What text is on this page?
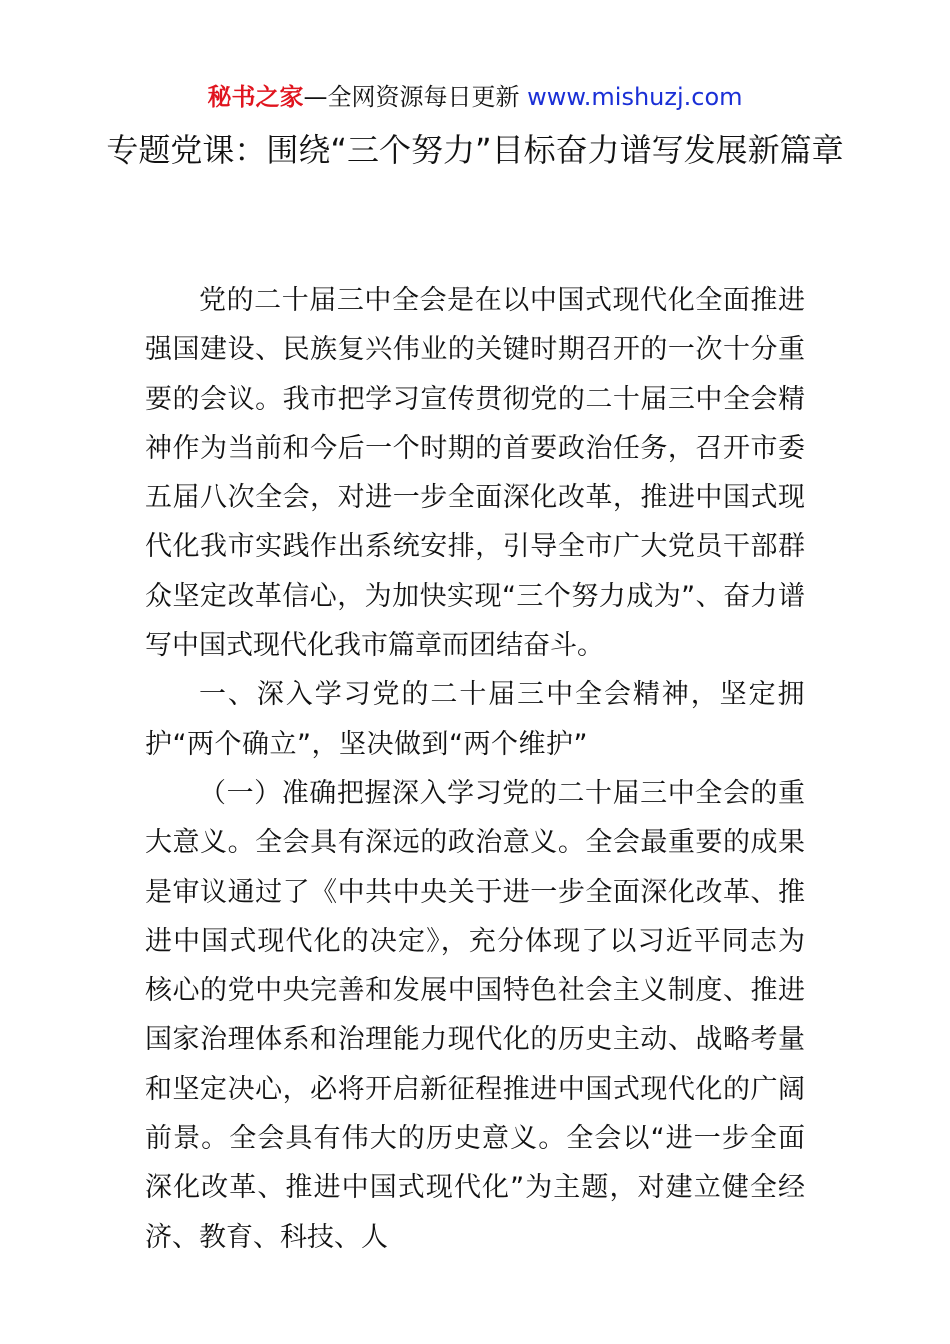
秘书之家—全网资源每日更新 www.mishuzj.com
专题党课：围绕“三个努力”目标奋力谱写发展新篇章

党的二十届三中全会是在以中国式现代化全面推进强国建设、民族复兴伟业的关键时期召开的一次十分重要的会议。我市把学习宣传贯彻党的二十届三中全会精神作为当前和今后一个时期的首要政治任务，召开市委五届八次全会，对进一步全面深化改革，推进中国式现代化我市实践作出系统安排，引导全市广大党员干部群众坚定改革信心，为加快实现“三个努力成为”、奋力谱写中国式现代化我市篇章而团结奋斗。

一、深入学习党的二十届三中全会精神，坚定拥护“两个确立”，坚决做到“两个维护”

（一）准确把握深入学习党的二十届三中全会的重大意义。全会具有深远的政治意义。全会最重要的成果是审议通过了《中共中央关于进一步全面深化改革、推进中国式现代化的决定》，充分体现了以习近平同志为核心的党中央完善和发展中国特色社会主义制度、推进国家治理体系和治理能力现代化的历史主动、战略考量和坚定决心，必将开启新征程推进中国式现代化的广阔前景。全会具有伟大的历史意义。全会以“进一步全面深化改革、推进中国式现代化”为主题，对建立健全经济、教育、科技、人
